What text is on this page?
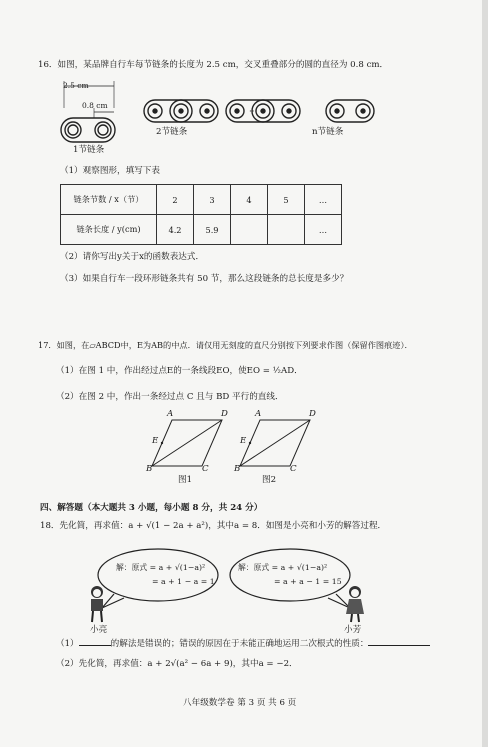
16．如图，某品牌自行车每节链条的长度为 2.5 cm，交叉重叠部分的圆的直径为 0.8 cm．
2.5 cm
0.8 cm
···
1节链条
2节链条	n节链条
（1）观察图形，填写下表
链条节数 / x（节）	2	3	4	5	…
链条长度 / y(cm)	4.2	5.9			…
（2）请你写出y关于x的函数表达式．
（3）如果自行车一段环形链条共有 50 节，那么这段链条的总长度是多少？
17．如图，在▱ABCD中，E为AB的中点．请仅用无刻度的直尺分别按下列要求作图（保留作图痕迹）．
（1）在图 1 中，作出经过点E的一条线段EO，使EO = ½AD．
（2）在图 2 中，作出一条经过点 C 且与 BD 平行的直线．
A	D
E
B	C
A	D
E
B	C
图1	图2
四、解答题（本大题共 3 小题，每小题 8 分，共 24 分）
18．先化简，再求值：a + √(1 − 2a + a²)，其中a = 8．如图是小亮和小芳的解答过程．
解：原式 = a + √(1−a)²
= a + 1 − a = 1
解：原式 = a + √(1−a)²
= a + a − 1 = 15
小亮	小芳
（1）	的解法是错误的；错误的原因在于未能正确地运用二次根式的性质：
（2）先化简，再求值：a + 2√(a² − 6a + 9)，其中a = −2．
八年级数学卷 第 3 页 共 6 页
